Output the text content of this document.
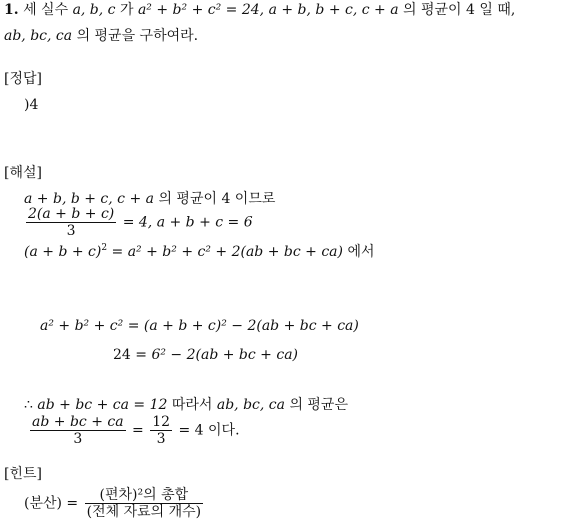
1. 세 실수 a, b, c 가 a² + b² + c² = 24, a + b, b + c, c + a 의 평균이 4 일 때,
ab, bc, ca 의 평균을 구하여라.
[정답]
)4
[해설]
a + b, b + c, c + a 의 평균이 4 이므로
$\frac{2(a + b + c)}{3} = 4$, a + b + c = 6
$(a + b + c)^2 = a^2 + b^2 + c^2 + 2(ab$ + bc + ca) 에서
a² + b² + c² = (a + b + c)² − 2(ab + bc + ca)
24 = 6² − 2(ab + bc + ca)
∴ ab + bc + ca = 12 따라서 ab, bc, ca 의 평균은
$\frac{ab + bc + ca}{3} = \frac{12}{3} = 4$ 이다.
[힌트]
(분산) = $\frac{\text{(편차)²의 총합}}{\text{(전체 자료의 개수)}}$
